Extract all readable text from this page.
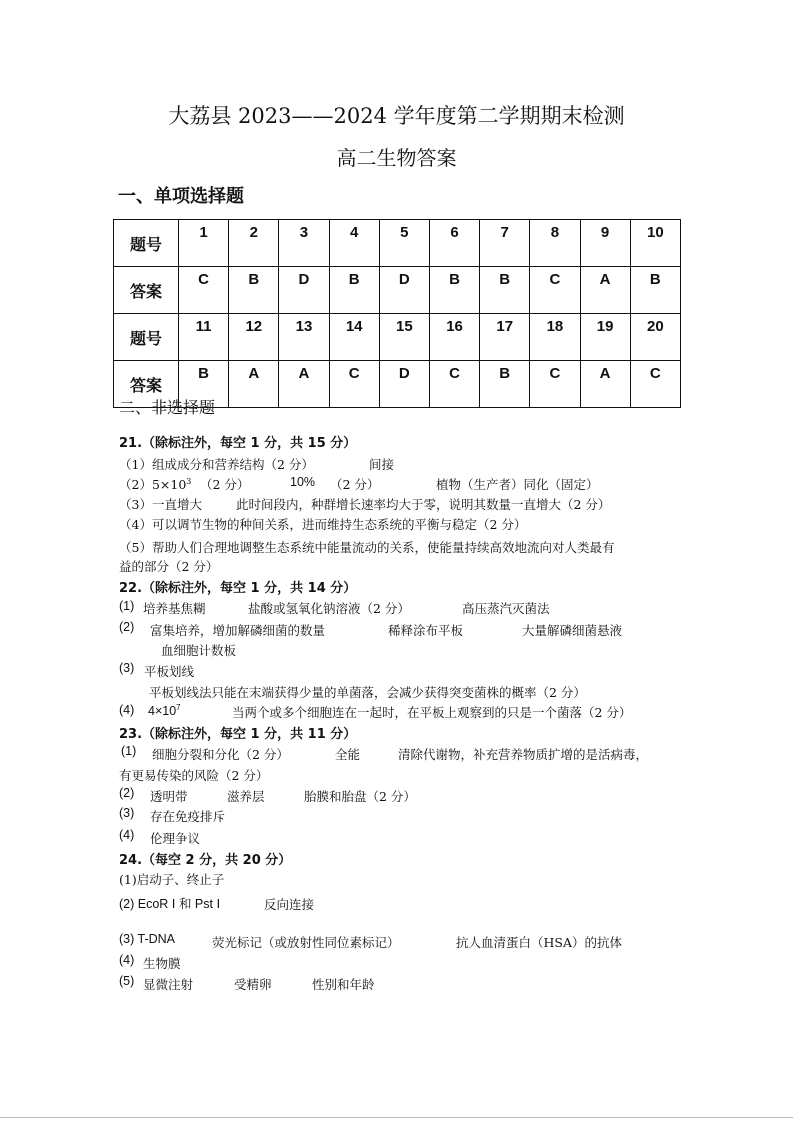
大荔县 2023——2024 学年度第二学期期末检测
高二生物答案
一、单项选择题
题号	1	2	3	4	5	6	7	8	9	10
答案	C	B	D	B	D	B	B	C	A	B
题号	11	12	13	14	15	16	17	18	19	20
答案	B	A	A	C	D	C	B	C	A	C
二、非选择题
21.（除标注外，每空 1 分，共 15 分）
（1）组成成分和营养结构（2 分）	间接
$(2)5\times 10^3$ （2 分）	10% （2 分）	植物（生产者）同化（固定）
（3）一直增大	此时间段内，种群增长速率均大于零，说明其数量一直增大（2 分）
（4）可以调节生物的种间关系，进而维持生态系统的平衡与稳定（2 分）
（5）帮助人们合理地调整生态系统中能量流动的关系，使能量持续高效地流向对人类最有
益的部分（2 分）
22.（除标注外，每空 1 分，共 14 分）
(1) 培养基焦糊	盐酸或氢氧化钠溶液（2 分）	高压蒸汽灭菌法
(2) 富集培养，增加解磷细菌的数量	稀释涂布平板	大量解磷细菌悬液
血细胞计数板
(3) 平板划线
平板划线法只能在末端获得少量的单菌落，会减少获得突变菌株的概率（2 分）
(4) $4\times 10^7$	当两个或多个细胞连在一起时，在平板上观察到的只是一个菌落（2 分）
23.（除标注外，每空 1 分，共 11 分）
(1) 细胞分裂和分化（2 分）	全能	清除代谢物，补充营养物质扩增的是活病毒，
有更易传染的风险（2 分）
(2) 透明带	滋养层	胎膜和胎盘（2 分）
(3) 存在免疫排斥
(4) 伦理争议
24.（每空 2 分，共 20 分）
(1)启动子、终止子
(2) EcoR Ⅰ 和 Pst Ⅰ	反向连接
(3) T-DNA	荧光标记（或放射性同位素标记）	抗人血清蛋白（HSA）的抗体
(4) 生物膜
(5) 显微注射	受精卵	性别和年龄
